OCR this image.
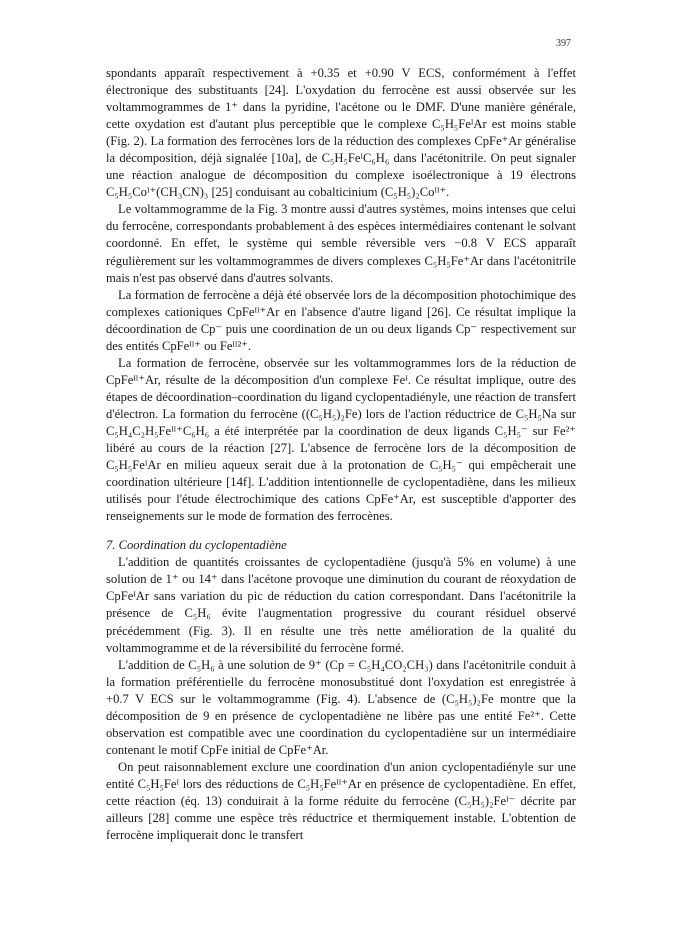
397

spondants apparaît respectivement à +0.35 et +0.90 V ECS, conformément à l'effet électronique des substituants [24]. L'oxydation du ferrocène est aussi observée sur les voltammogrammes de 1⁺ dans la pyridine, l'acétone ou le DMF. D'une manière générale, cette oxydation est d'autant plus perceptible que le complexe C₅H₅FeᴵAr est moins stable (Fig. 2). La formation des ferrocènes lors de la réduction des complexes CpFe⁺Ar généralise la décomposition, déjà signalée [10a], de C₅H₅FeᴵC₆H₆ dans l'acétonitrile. On peut signaler une réaction analogue de décomposition du complexe isoélectronique à 19 électrons C₅H₅Coᴵ⁺(CH₃CN)₃ [25] conduisant au cobalticinium (C₅H₅)₂Coᴵᴵ⁺.

Le voltammogramme de la Fig. 3 montre aussi d'autres systèmes, moins intenses que celui du ferrocène, correspondants probablement à des espèces intermédiaires contenant le solvant coordonné. En effet, le système qui semble réversible vers −0.8 V ECS apparaît régulièrement sur les voltammogrammes de divers complexes C₅H₅Fe⁺Ar dans l'acétonitrile mais n'est pas observé dans d'autres solvants.

La formation de ferrocène a déjà été observée lors de la décomposition photochimique des complexes cationiques CpFeᴵᴵ⁺Ar en l'absence d'autre ligand [26]. Ce résultat implique la décoordination de Cp⁻ puis une coordination de un ou deux ligands Cp⁻ respectivement sur des entités CpFeᴵᴵ⁺ ou Feᴵᴵ²⁺.

La formation de ferrocène, observée sur les voltammogrammes lors de la réduction de CpFeᴵᴵ⁺Ar, résulte de la décomposition d'un complexe Feᴵ. Ce résultat implique, outre des étapes de décoordination–coordination du ligand cyclopentadiényle, une réaction de transfert d'électron. La formation du ferrocène ((C₅H₅)₂Fe) lors de l'action réductrice de C₅H₅Na sur C₅H₄C₂H₅Feᴵᴵ⁺C₆H₆ a été interprétée par la coordination de deux ligands C₅H₅⁻ sur Fe²⁺ libéré au cours de la réaction [27]. L'absence de ferrocène lors de la décomposition de C₅H₅FeᴵAr en milieu aqueux serait due à la protonation de C₅H₅⁻ qui empêcherait une coordination ultérieure [14f]. L'addition intentionnelle de cyclopentadiène, dans les milieux utilisés pour l'étude électrochimique des cations CpFe⁺Ar, est susceptible d'apporter des renseignements sur le mode de formation des ferrocènes.

7. Coordination du cyclopentadiène

L'addition de quantités croissantes de cyclopentadiène (jusqu'à 5% en volume) à une solution de 1⁺ ou 14⁺ dans l'acétone provoque une diminution du courant de réoxydation de CpFeᴵAr sans variation du pic de réduction du cation correspondant. Dans l'acétonitrile la présence de C₅H₆ évite l'augmentation progressive du courant résiduel observé précédemment (Fig. 3). Il en résulte une très nette amélioration de la qualité du voltammogramme et de la réversibilité du ferrocène formé.

L'addition de C₅H₆ à une solution de 9⁺ (Cp = C₅H₄CO₂CH₃) dans l'acétonitrile conduit à la formation préférentielle du ferrocène monosubstitué dont l'oxydation est enregistrée à +0.7 V ECS sur le voltammogramme (Fig. 4). L'absence de (C₅H₅)₂Fe montre que la décomposition de 9 en présence de cyclopentadiène ne libère pas une entité Fe²⁺. Cette observation est compatible avec une coordination du cyclopentadiène sur un intermédiaire contenant le motif CpFe initial de CpFe⁺Ar.

On peut raisonnablement exclure une coordination d'un anion cyclopentadiényle sur une entité C₅H₅Feᴵ lors des réductions de C₅H₅Feᴵᴵ⁺Ar en présence de cyclopentadiène. En effet, cette réaction (éq. 13) conduirait à la forme réduite du ferrocène (C₅H₅)₂Feᴵ⁻ décrite par ailleurs [28] comme une espèce très réductrice et thermiquement instable. L'obtention de ferrocène impliquerait donc le transfert
